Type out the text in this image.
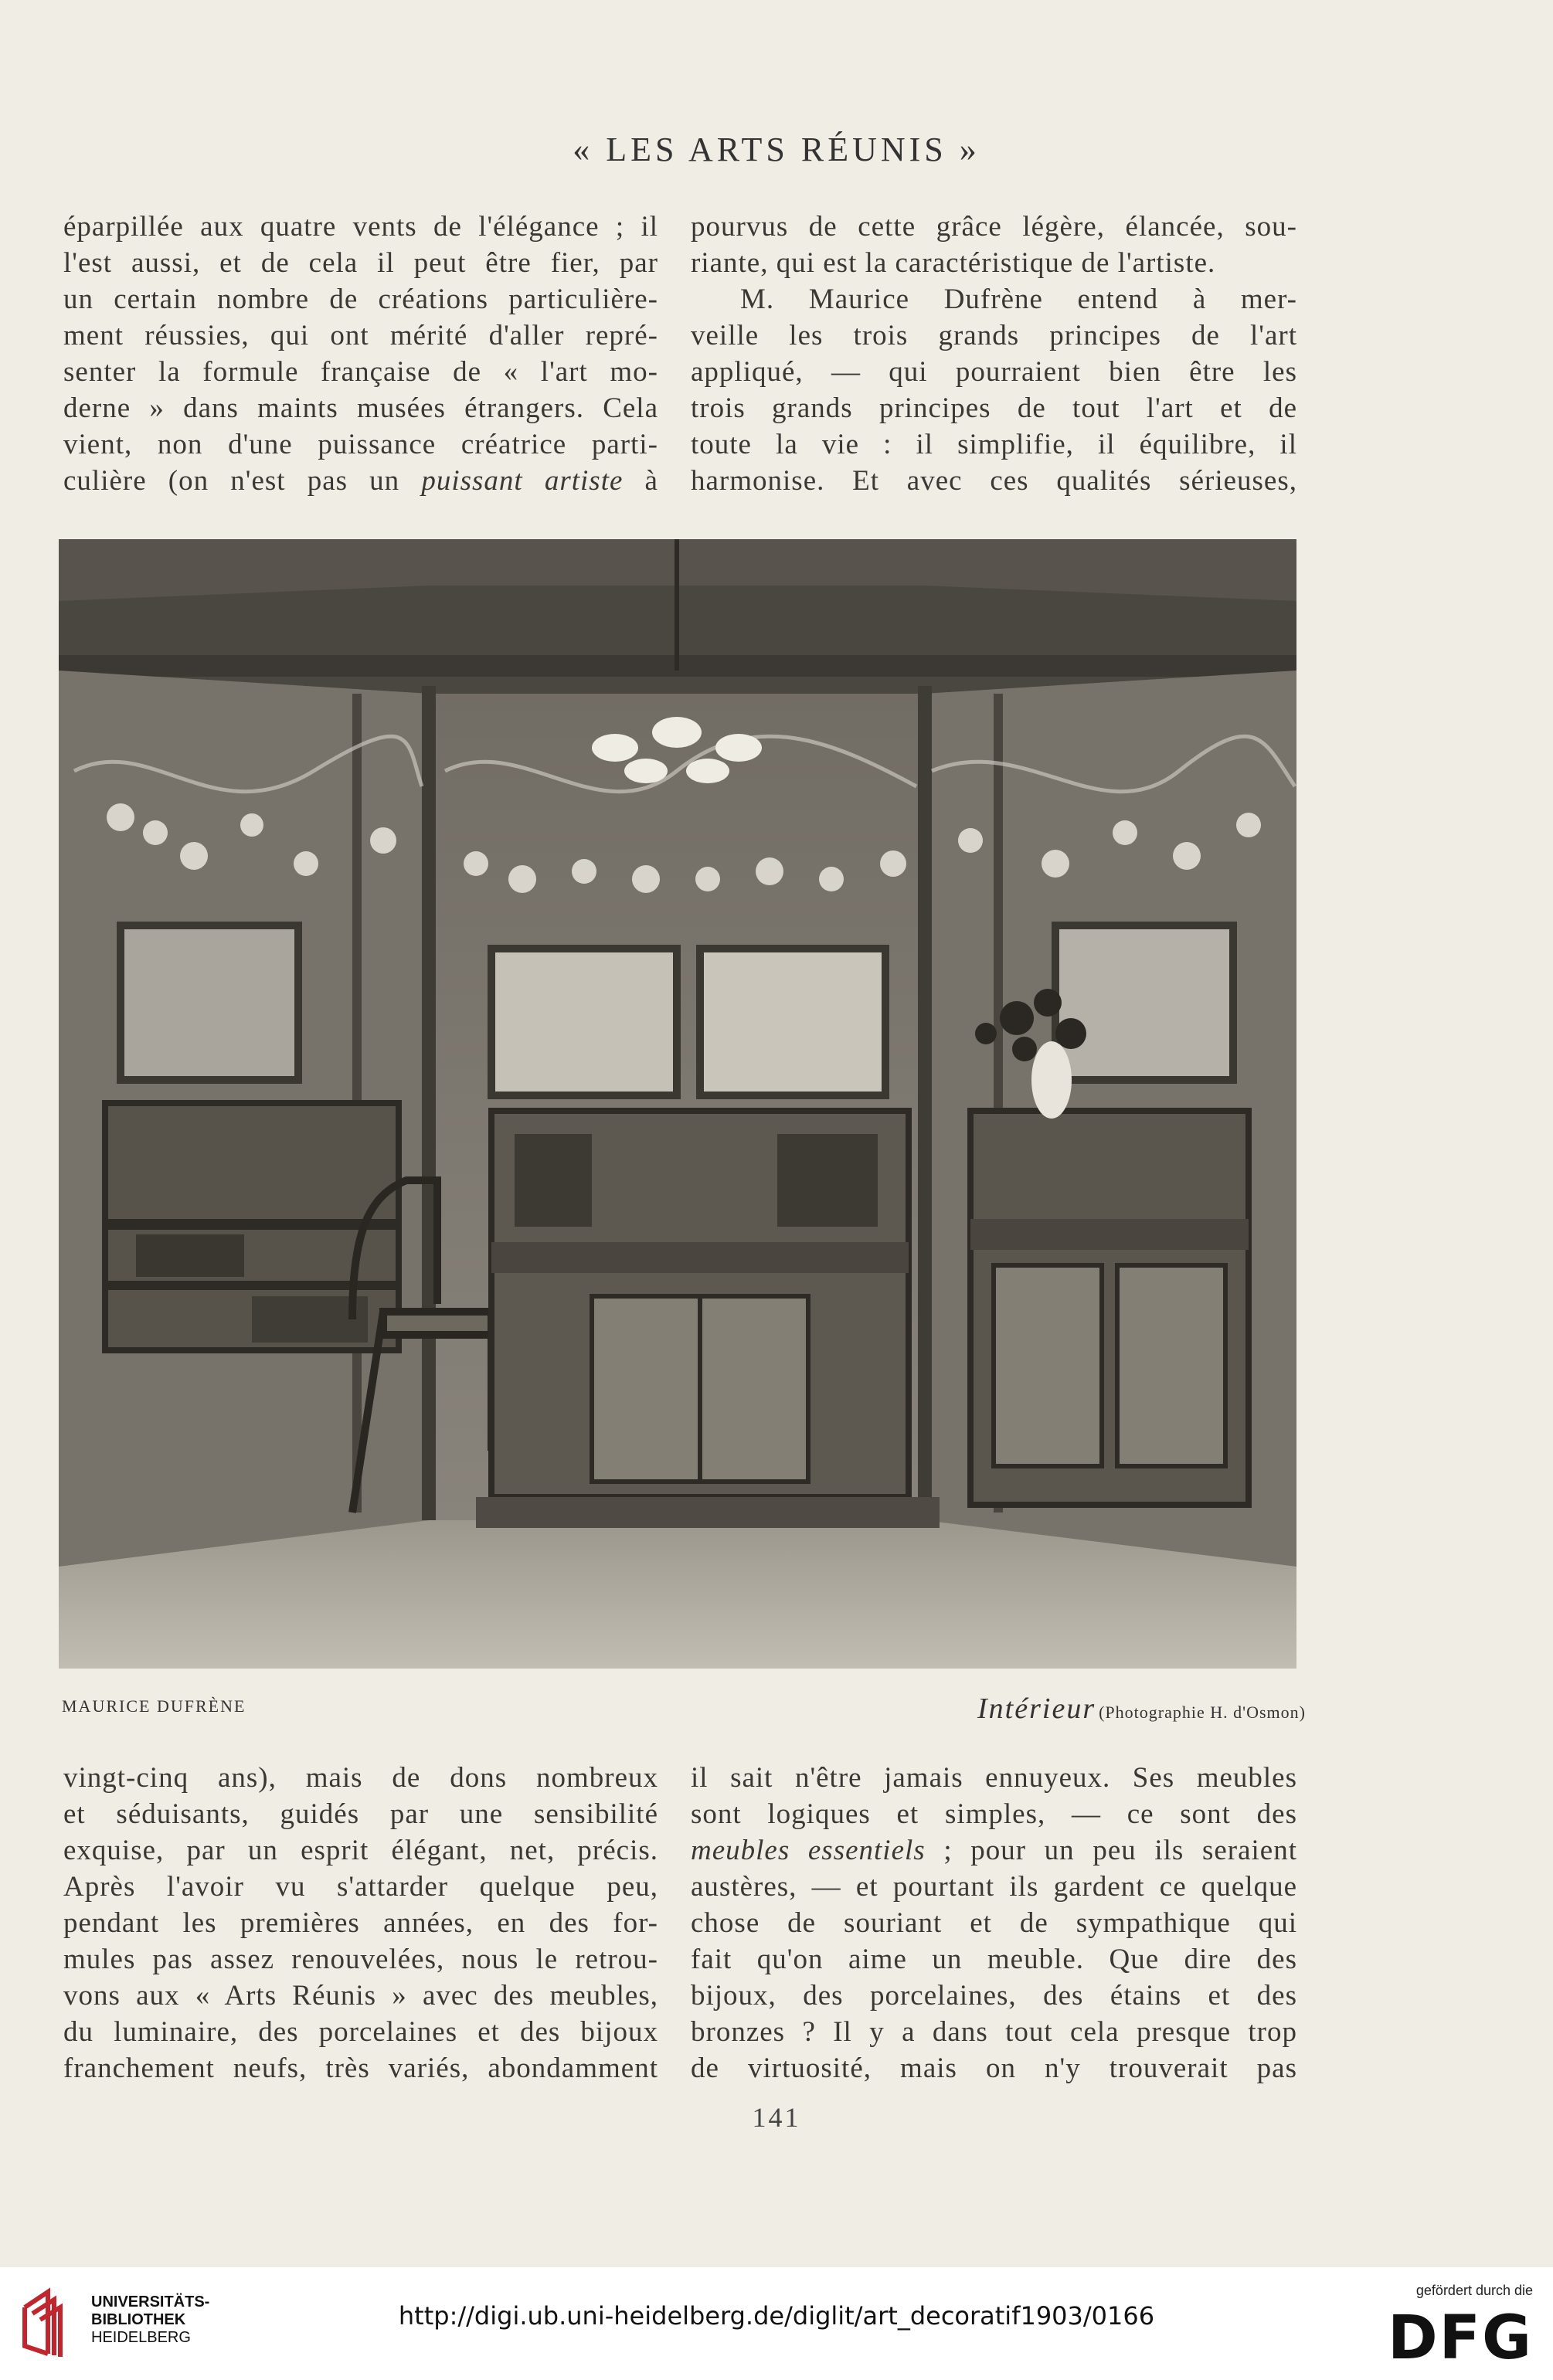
« LES ARTS RÉUNIS »
éparpillée aux quatre vents de l'élégance ; il
l'est aussi, et de cela il peut être fier, par
un certain nombre de créations particulière-
ment réussies, qui ont mérité d'aller repré-
senter la formule française de « l'art mo-
derne » dans maints musées étrangers. Cela
vient, non d'une puissance créatrice parti-
culière (on n'est pas un puissant artiste à
pourvus de cette grâce légère, élancée, sou-
riante, qui est la caractéristique de l'artiste.
M. Maurice Dufrène entend à mer-
veille les trois grands principes de l'art
appliqué, — qui pourraient bien être les
trois grands principes de tout l'art et de
toute la vie : il simplifie, il équilibre, il
harmonise. Et avec ces qualités sérieuses,
MAURICE DUFRÈNE	Intérieur (Photographie H. d'Osmon)
vingt-cinq ans), mais de dons nombreux
et séduisants, guidés par une sensibilité
exquise, par un esprit élégant, net, précis.
Après l'avoir vu s'attarder quelque peu,
pendant les premières années, en des for-
mules pas assez renouvelées, nous le retrou-
vons aux « Arts Réunis » avec des meubles,
du luminaire, des porcelaines et des bijoux
franchement neufs, très variés, abondamment
il sait n'être jamais ennuyeux. Ses meubles
sont logiques et simples, — ce sont des
meubles essentiels ; pour un peu ils seraient
austères, — et pourtant ils gardent ce quelque
chose de souriant et de sympathique qui
fait qu'on aime un meuble. Que dire des
bijoux, des porcelaines, des étains et des
bronzes ? Il y a dans tout cela presque trop
de virtuosité, mais on n'y trouverait pas
141
UNIVERSITÄTS-
BIBLIOTHEK
HEIDELBERG
http://digi.ub.uni-heidelberg.de/diglit/art_decoratif1903/0166
gefördert durch die
DFG
